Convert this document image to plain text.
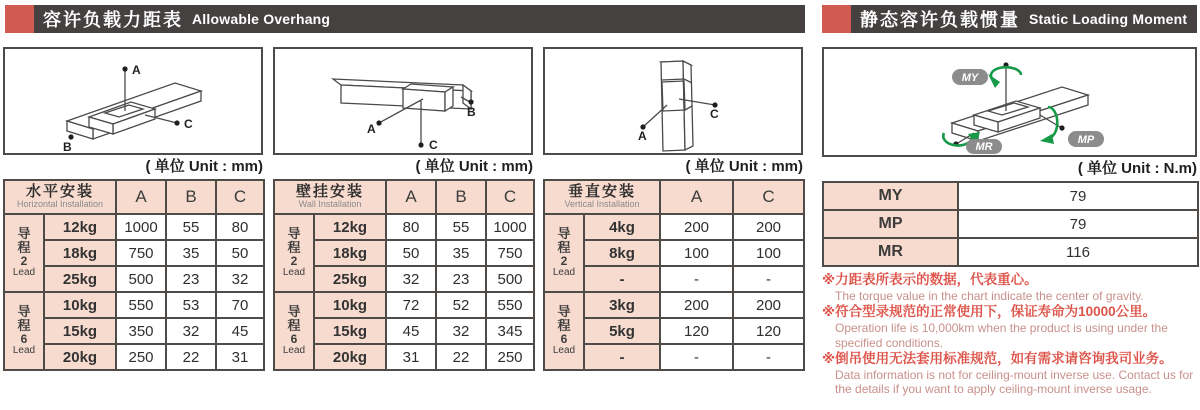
容许负载力距表 Allowable Overhang	静态容许负载惯量 Static Loading Moment
A
C
B
( 单位 Unit : mm)
水平安装
Horizontal Installation		A	B	C

导
程
2
Lead	12kg	1000	55	80
	18kg	750	35	50
	25kg	500	23	32

导
程
6
Lead	10kg	550	53	70
	15kg	350	32	45
	20kg	250	22	31
A
C
B
( 单位 Unit : mm)
壁挂安装
Wall Installation		A	B	C

导
程
2
Lead	12kg	80	55	1000
	18kg	50	35	750
	25kg	32	23	500

导
程
6
Lead	10kg	72	52	550
	15kg	45	32	345
	20kg	31	22	250
A
C
( 单位 Unit : mm)
垂直安装
Vertical Installation		A	C

导
程
2
Lead	4kg	200	200
	8kg	100	100
	-	-	-

导
程
6
Lead	3kg	200	200
	5kg	120	120
	-	-	-
MY
MP
MR
( 单位 Unit : N.m)
MY	79
MP	79
MR	116
※力距表所表示的数据，代表重心。
The torque value in the chart indicate the center of gravity.
※符合型录规范的正常使用下，保证寿命为10000公里。
Operation life is 10,000km when the product is using under the specified conditions.
※倒吊使用无法套用标准规范，如有需求请咨询我司业务。
Data information is not for ceiling-mount inverse use. Contact us for the details if you want to apply ceiling-mount inverse usage.
